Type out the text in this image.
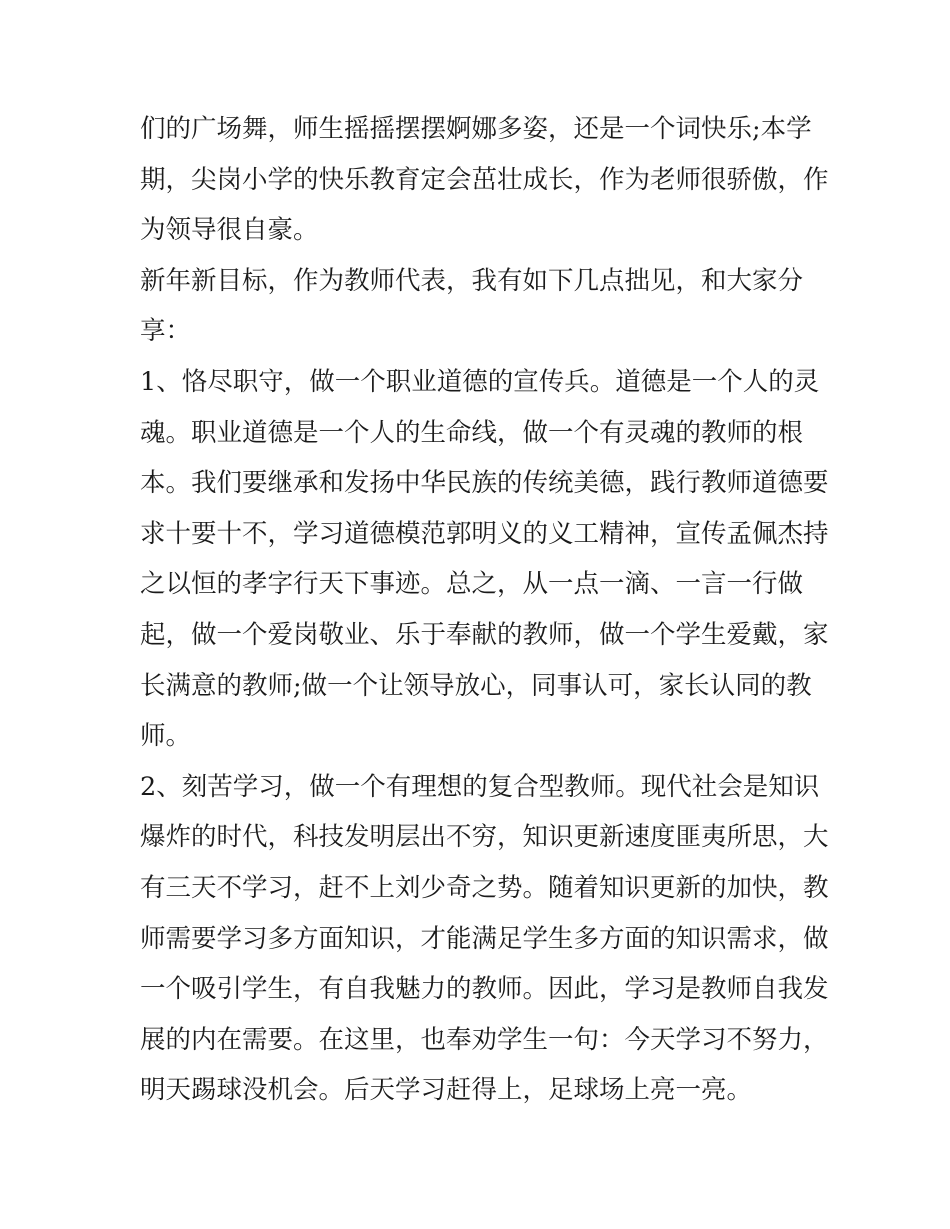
们的广场舞，师生摇摇摆摆婀娜多姿，还是一个词快乐;本学
期，尖岗小学的快乐教育定会茁壮成长，作为老师很骄傲，作
为领导很自豪。

新年新目标，作为教师代表，我有如下几点拙见，和大家分
享：

1、恪尽职守，做一个职业道德的宣传兵。道德是一个人的灵
魂。职业道德是一个人的生命线，做一个有灵魂的教师的根
本。我们要继承和发扬中华民族的传统美德，践行教师道德要
求十要十不，学习道德模范郭明义的义工精神，宣传孟佩杰持
之以恒的孝字行天下事迹。总之，从一点一滴、一言一行做
起，做一个爱岗敬业、乐于奉献的教师，做一个学生爱戴，家
长满意的教师;做一个让领导放心，同事认可，家长认同的教
师。

2、刻苦学习，做一个有理想的复合型教师。现代社会是知识
爆炸的时代，科技发明层出不穷，知识更新速度匪夷所思，大
有三天不学习，赶不上刘少奇之势。随着知识更新的加快，教
师需要学习多方面知识，才能满足学生多方面的知识需求，做
一个吸引学生，有自我魅力的教师。因此，学习是教师自我发
展的内在需要。在这里，也奉劝学生一句：今天学习不努力，
明天踢球没机会。后天学习赶得上，足球场上亮一亮。
